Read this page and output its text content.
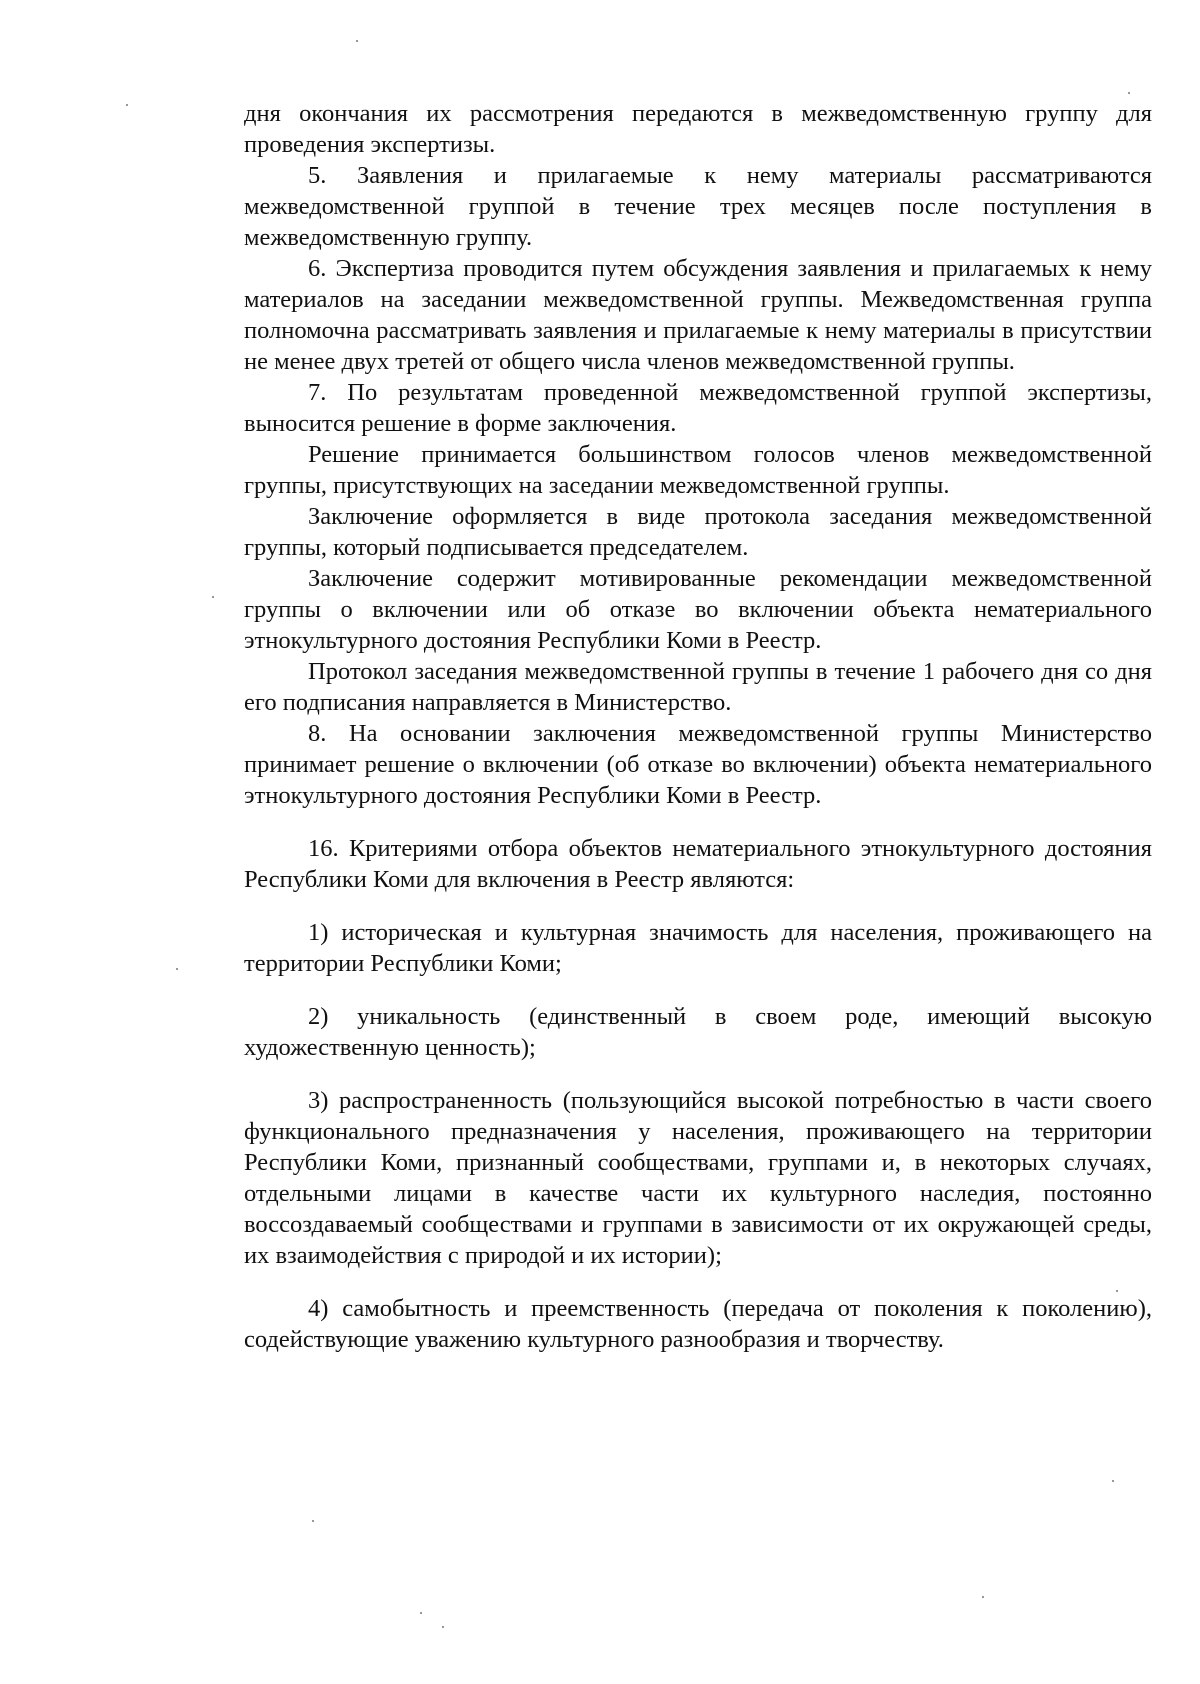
дня окончания их рассмотрения передаются в межведомственную группу для проведения экспертизы.

5. Заявления и прилагаемые к нему материалы рассматриваются межведомственной группой в течение трех месяцев после поступления в межведомственную группу.

6. Экспертиза проводится путем обсуждения заявления и прилагаемых к нему материалов на заседании межведомственной группы. Межведомственная группа полномочна рассматривать заявления и прилагаемые к нему материалы в присутствии не менее двух третей от общего числа членов межведомственной группы.

7. По результатам проведенной межведомственной группой экспертизы, выносится решение в форме заключения.

Решение принимается большинством голосов членов межведомственной группы, присутствующих на заседании межведомственной группы.

Заключение оформляется в виде протокола заседания межведомственной группы, который подписывается председателем.

Заключение содержит мотивированные рекомендации межведомственной группы о включении или об отказе во включении объекта нематериального этнокультурного достояния Республики Коми в Реестр.

Протокол заседания межведомственной группы в течение 1 рабочего дня со дня его подписания направляется в Министерство.

8. На основании заключения межведомственной группы Министерство принимает решение о включении (об отказе во включении) объекта нематериального этнокультурного достояния Республики Коми в Реестр.

16. Критериями отбора объектов нематериального этнокультурного достояния Республики Коми для включения в Реестр являются:

1) историческая и культурная значимость для населения, проживающего на территории Республики Коми;

2) уникальность (единственный в своем роде, имеющий высокую художественную ценность);

3) распространенность (пользующийся высокой потребностью в части своего функционального предназначения у населения, проживающего на территории Республики Коми, признанный сообществами, группами и, в некоторых случаях, отдельными лицами в качестве части их культурного наследия, постоянно воссоздаваемый сообществами и группами в зависимости от их окружающей среды, их взаимодействия с природой и их истории);

4) самобытность и преемственность (передача от поколения к поколению), содействующие уважению культурного разнообразия и творчеству.
